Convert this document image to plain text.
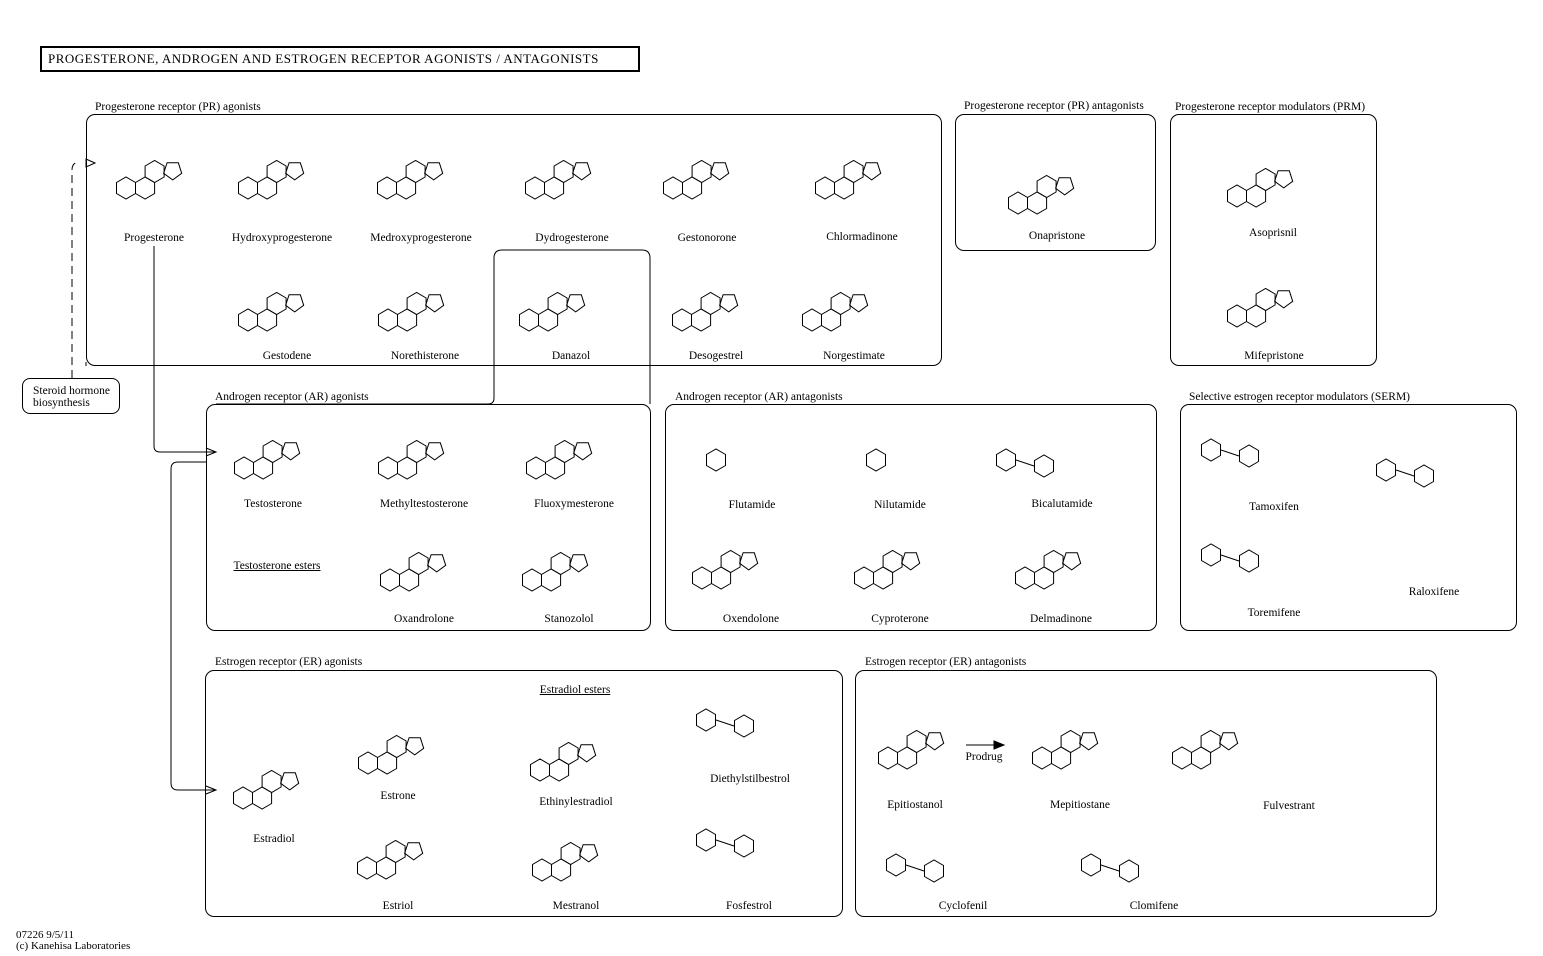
PROGESTERONE, ANDROGEN AND ESTROGEN RECEPTOR AGONISTS / ANTAGONISTS
Progesterone receptor (PR) agonists	Progesterone receptor (PR) antagonists	Progesterone receptor modulators (PRM)
Androgen receptor (AR) agonists	Androgen receptor (AR) antagonists	Selective estrogen receptor modulators (SERM)
Estrogen receptor (ER) agonists	Estrogen receptor (ER) antagonists
Steroid hormone
biosynthesis
Progesterone	Hydroxyprogesterone	Medroxyprogesterone	Dydrogesterone	Gestonorone	Chlormadinone
Gestodene	Norethisterone	Danazol	Desogestrel	Norgestimate
Onapristone	Asoprisnil
Mifepristone
Testosterone	Methyltestosterone	Fluoxymesterone
Testosterone esters
Oxandrolone	Stanozolol
Flutamide	Nilutamide	Bicalutamide
Oxendolone	Cyproterone	Delmadinone
Tamoxifen
Raloxifene
Toremifene
Estradiol
Estrone
Estradiol esters
Ethinylestradiol
Diethylstilbestrol
Estriol	Mestranol	Fosfestrol
Epitiostanol
Prodrug
Mepitiostane	Fulvestrant
Cyclofenil	Clomifene
07226 9/5/11
(c) Kanehisa Laboratories
